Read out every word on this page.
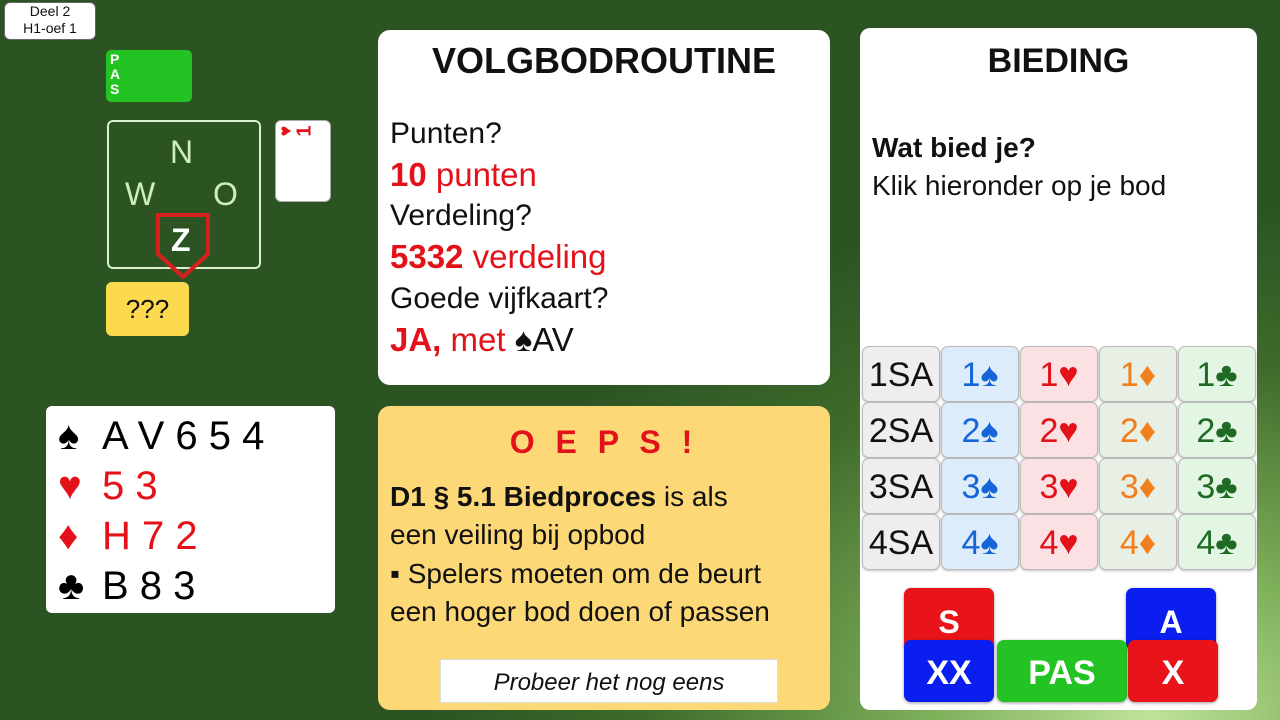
Deel 2
H1-oef 1
P
A
S
N
W O
Z
♥
1
???
♠ A V 6 5 4
♥ 5 3
♦ H 7 2
♣ B 8 3
VOLGBODROUTINE
Punten?
10 punten
Verdeling?
5332 verdeling
Goede vijfkaart?
JA, met ♠AV
O E P S !
D1 § 5.1 Biedproces is als
een veiling bij opbod
▪ Spelers moeten om de beurt
een hoger bod doen of passen
Probeer het nog eens
BIEDING
Wat bied je?
Klik hieronder op je bod
1SA 1♠	1♥	1♦	1♣
2SA 2♠	2♥	2♦	2♣
3SA 3♠	3♥	3♦	3♣
4SA 4♠	4♥	4♦	4♣
S	A
XX	PAS	X
